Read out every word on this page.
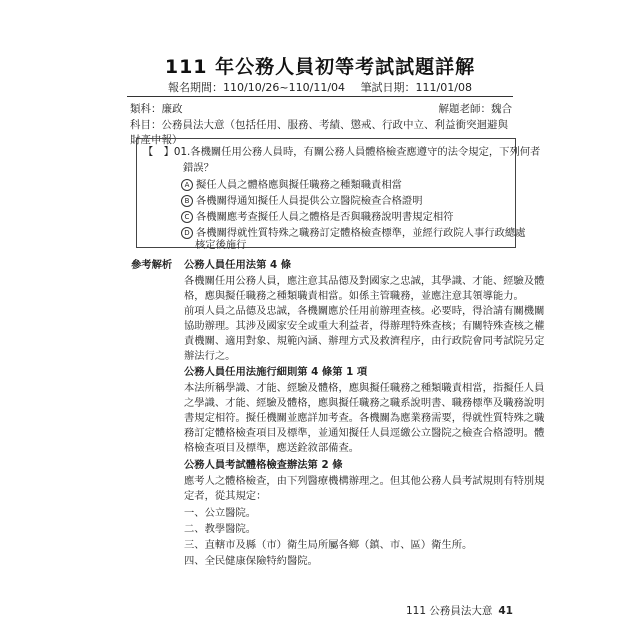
111 年公務人員初等考試試題詳解
報名期間：110/10/26~110/11/04 筆試日期：111/01/08
類科：廉政	解題老師：魏合
科目：公務員法大意（包括任用、服務、考績、懲戒、行政中立、利益衝突迴避與財產申報）
【　】01.各機關任用公務人員時，有關公務人員體格檢查應遵守的法令規定，下列何者
錯誤？
A 擬任人員之體格應與擬任職務之種類職責相當
B 各機關得通知擬任人員提供公立醫院檢查合格證明
C 各機關應考查擬任人員之體格是否與職務說明書規定相符
D 各機關得就性質特殊之職務訂定體格檢查標準，並經行政院人事行政總處
核定後施行
參考解析 公務人員任用法第 4 條
各機關任用公務人員，應注意其品德及對國家之忠誠，其學識、才能、經驗及體
格，應與擬任職務之種類職責相當。如係主管職務，並應注意其領導能力。
前項人員之品德及忠誠，各機關應於任用前辦理查核。必要時，得洽請有關機關
協助辦理。其涉及國家安全或重大利益者，得辦理特殊查核；有關特殊查核之權
責機關、適用對象、規範內涵、辦理方式及救濟程序，由行政院會同考試院另定
辦法行之。
公務人員任用法施行細則第 4 條第 1 項
本法所稱學識、才能、經驗及體格，應與擬任職務之種類職責相當，指擬任人員
之學識、才能、經驗及體格，應與擬任職務之職系說明書、職務標準及職務說明
書規定相符。擬任機關並應詳加考查。各機關為應業務需要，得就性質特殊之職
務訂定體格檢查項目及標準，並通知擬任人員逕繳公立醫院之檢查合格證明。體
格檢查項目及標準，應送銓敘部備查。
公務人員考試體格檢查辦法第 2 條
應考人之體格檢查，由下列醫療機構辦理之。但其他公務人員考試規則有特別規
定者，從其規定：
一、公立醫院。
二、教學醫院。
三、直轄市及縣（市）衛生局所屬各鄉（鎮、市、區）衛生所。
四、全民健康保險特約醫院。
111 公務員法大意 41
